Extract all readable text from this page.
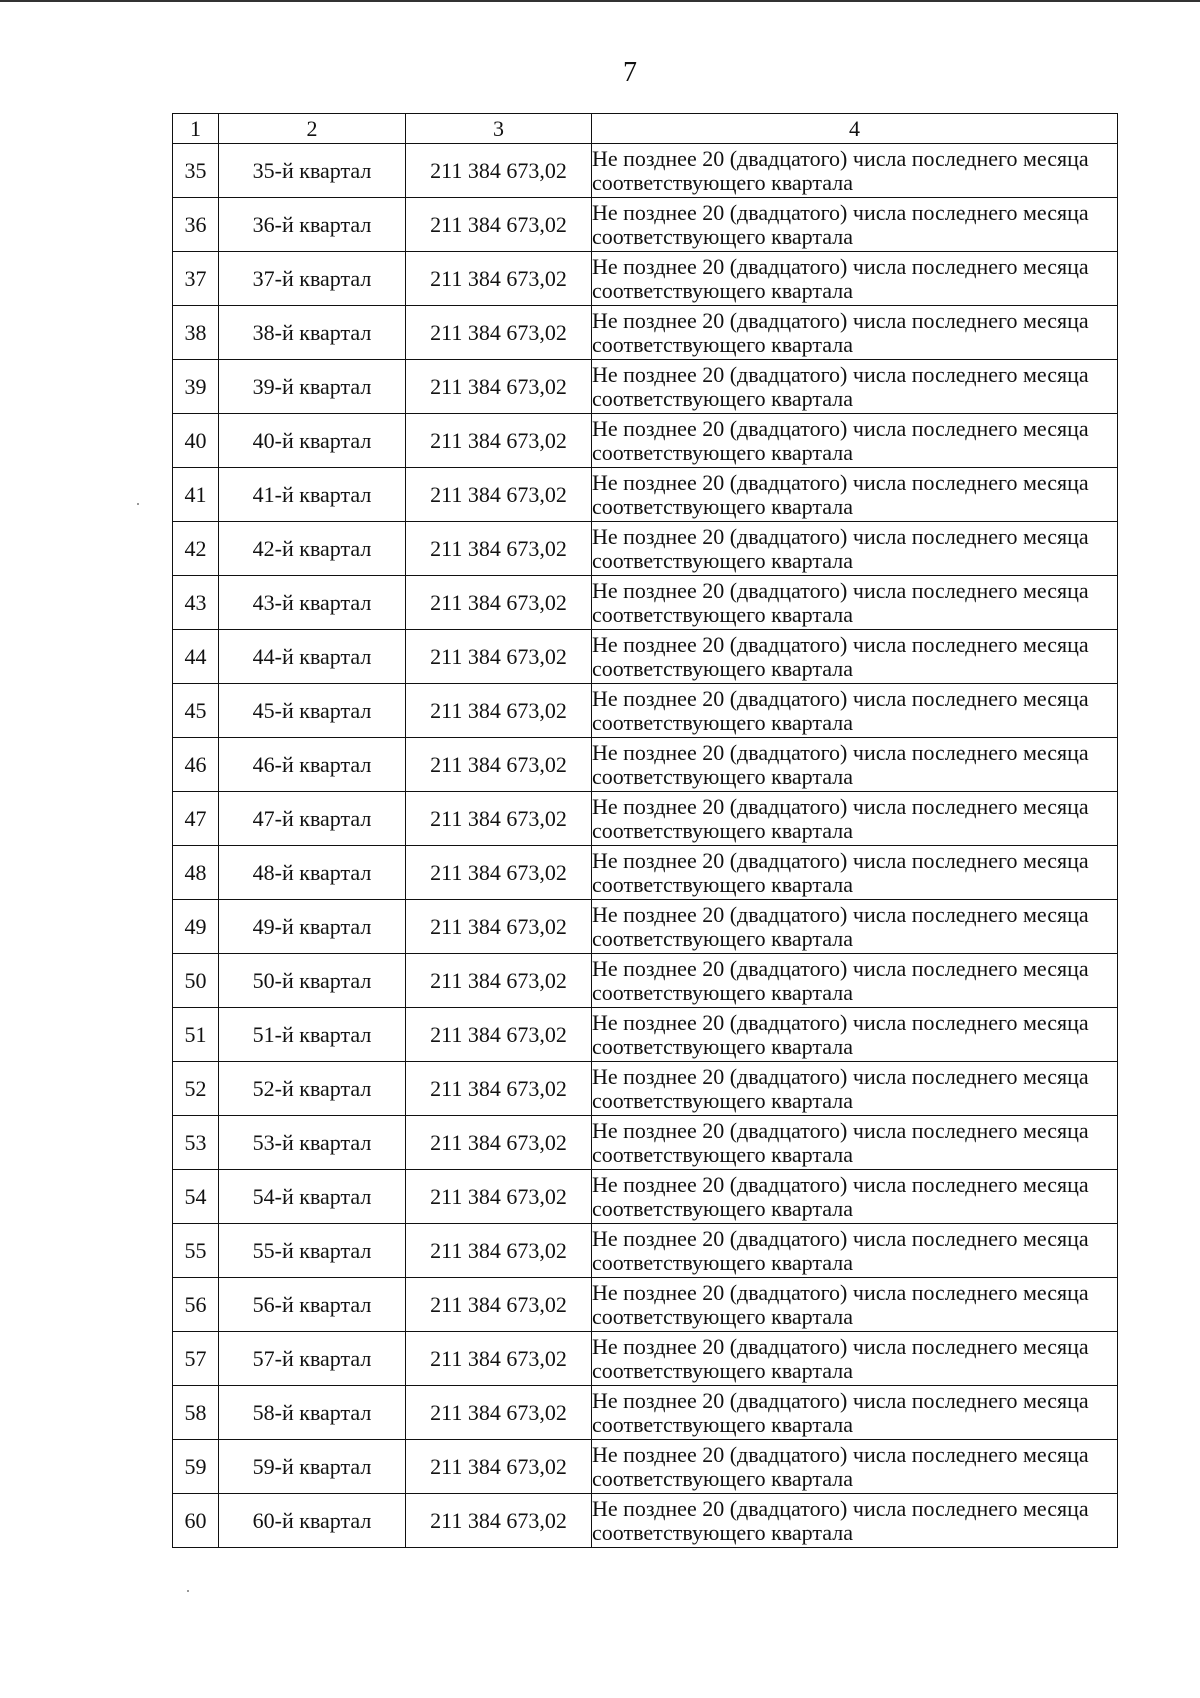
7
1	2	3	4
35	35-й квартал	211 384 673,02	Не позднее 20 (двадцатого) числа последнего месяца соответствующего квартала
36	36-й квартал	211 384 673,02	Не позднее 20 (двадцатого) числа последнего месяца соответствующего квартала
37	37-й квартал	211 384 673,02	Не позднее 20 (двадцатого) числа последнего месяца соответствующего квартала
38	38-й квартал	211 384 673,02	Не позднее 20 (двадцатого) числа последнего месяца соответствующего квартала
39	39-й квартал	211 384 673,02	Не позднее 20 (двадцатого) числа последнего месяца соответствующего квартала
40	40-й квартал	211 384 673,02	Не позднее 20 (двадцатого) числа последнего месяца соответствующего квартала
41	41-й квартал	211 384 673,02	Не позднее 20 (двадцатого) числа последнего месяца соответствующего квартала
42	42-й квартал	211 384 673,02	Не позднее 20 (двадцатого) числа последнего месяца соответствующего квартала
43	43-й квартал	211 384 673,02	Не позднее 20 (двадцатого) числа последнего месяца соответствующего квартала
44	44-й квартал	211 384 673,02	Не позднее 20 (двадцатого) числа последнего месяца соответствующего квартала
45	45-й квартал	211 384 673,02	Не позднее 20 (двадцатого) числа последнего месяца соответствующего квартала
46	46-й квартал	211 384 673,02	Не позднее 20 (двадцатого) числа последнего месяца соответствующего квартала
47	47-й квартал	211 384 673,02	Не позднее 20 (двадцатого) числа последнего месяца соответствующего квартала
48	48-й квартал	211 384 673,02	Не позднее 20 (двадцатого) числа последнего месяца соответствующего квартала
49	49-й квартал	211 384 673,02	Не позднее 20 (двадцатого) числа последнего месяца соответствующего квартала
50	50-й квартал	211 384 673,02	Не позднее 20 (двадцатого) числа последнего месяца соответствующего квартала
51	51-й квартал	211 384 673,02	Не позднее 20 (двадцатого) числа последнего месяца соответствующего квартала
52	52-й квартал	211 384 673,02	Не позднее 20 (двадцатого) числа последнего месяца соответствующего квартала
53	53-й квартал	211 384 673,02	Не позднее 20 (двадцатого) числа последнего месяца соответствующего квартала
54	54-й квартал	211 384 673,02	Не позднее 20 (двадцатого) числа последнего месяца соответствующего квартала
55	55-й квартал	211 384 673,02	Не позднее 20 (двадцатого) числа последнего месяца соответствующего квартала
56	56-й квартал	211 384 673,02	Не позднее 20 (двадцатого) числа последнего месяца соответствующего квартала
57	57-й квартал	211 384 673,02	Не позднее 20 (двадцатого) числа последнего месяца соответствующего квартала
58	58-й квартал	211 384 673,02	Не позднее 20 (двадцатого) числа последнего месяца соответствующего квартала
59	59-й квартал	211 384 673,02	Не позднее 20 (двадцатого) числа последнего месяца соответствующего квартала
60	60-й квартал	211 384 673,02	Не позднее 20 (двадцатого) числа последнего месяца соответствующего квартала
